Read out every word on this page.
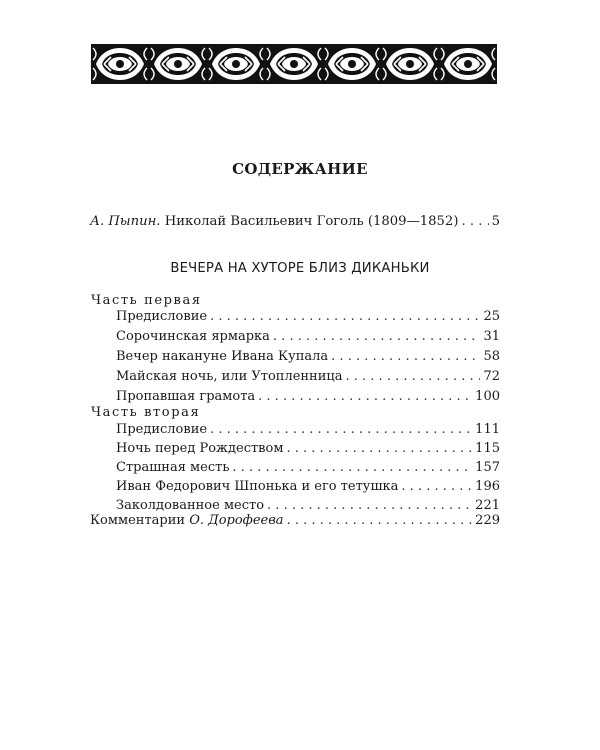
СОДЕРЖАНИЕ
А. Пыпин. Николай Васильевич Гоголь (1809—1852) . . .	5
ВЕЧЕРА НА ХУТОРЕ БЛИЗ ДИКАНЬКИ
Часть первая
Предисловие . . .	25
Сорочинская ярмарка . . .	31
Вечер накануне Ивана Купала . . .	58
Майская ночь, или Утопленница . . .	72
Пропавшая грамота . . .	100
Часть вторая
Предисловие . . .	111
Ночь перед Рождеством . . .	115
Страшная месть . . .	157
Иван Федорович Шпонька и его тетушка . . .	196
Заколдованное место . . .	221
Комментарии О. Дорофеева . . .	229
